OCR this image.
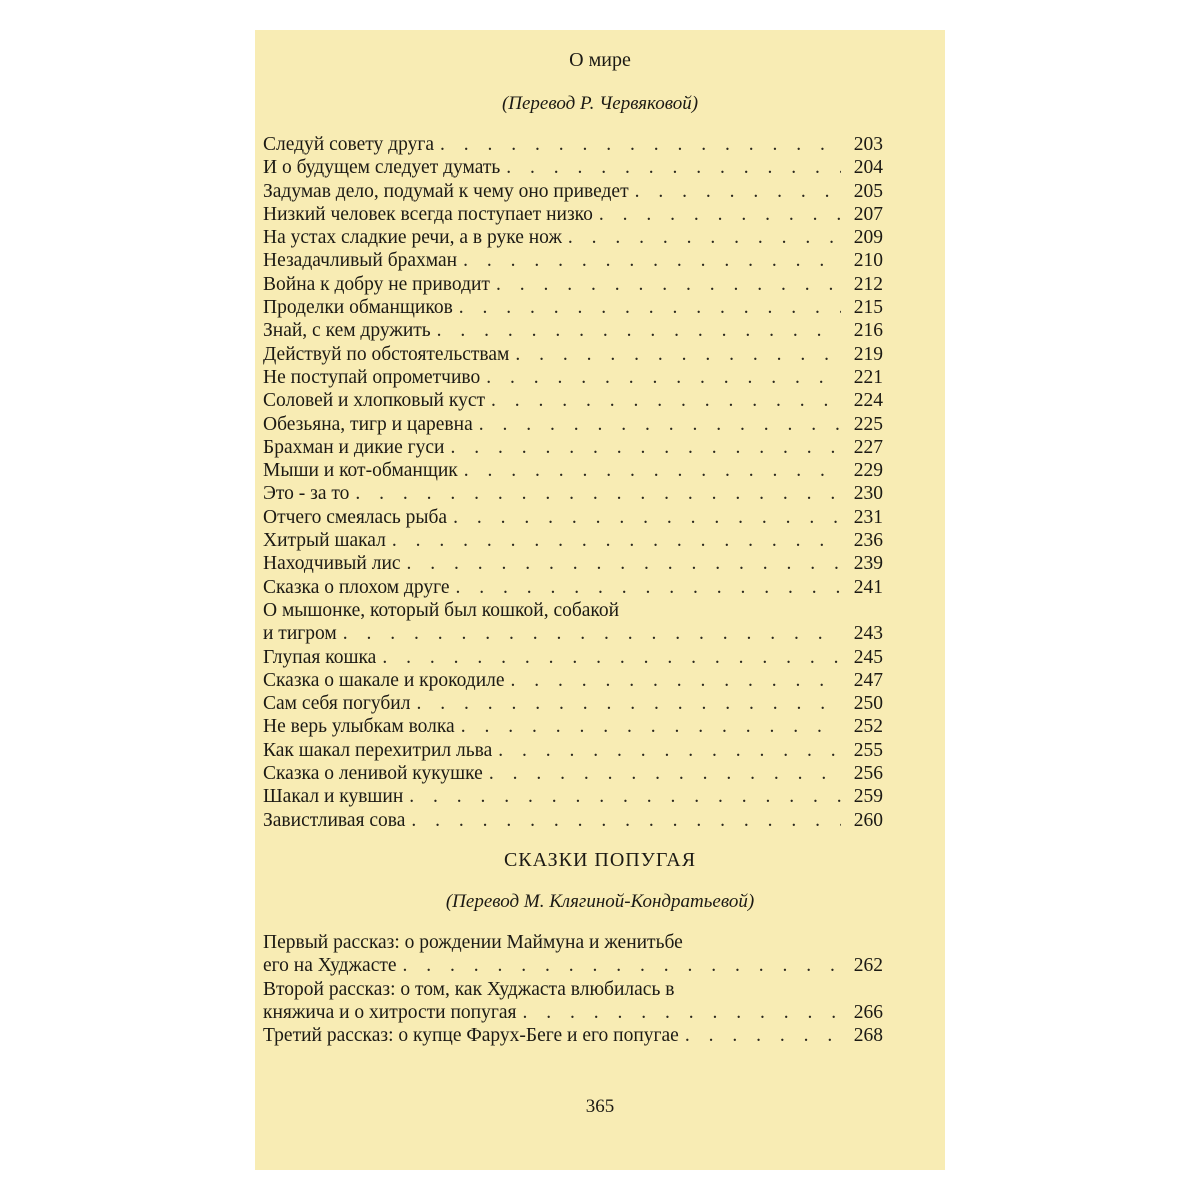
О мире
(Перевод Р. Червяковой)
Следуй совету друга . . .	203
И о будущем следует думать . . .	204
Задумав дело, подумай к чему оно приведет . . .	205
Низкий человек всегда поступает низко . . .	207
На устах сладкие речи, а в руке нож . . .	209
Незадачливый брахман . . .	210
Война к добру не приводит . . .	212
Проделки обманщиков . . .	215
Знай, с кем дружить . . .	216
Действуй по обстоятельствам . . .	219
Не поступай опрометчиво . . .	221
Соловей и хлопковый куст . . .	224
Обезьяна, тигр и царевна . . .	225
Брахман и дикие гуси . . .	227
Мыши и кот-обманщик . . .	229
Это - за то . . .	230
Отчего смеялась рыба . . .	231
Хитрый шакал . . .	236
Находчивый лис . . .	239
Сказка о плохом друге . . .	241
О мышонке, который был кошкой, собакой
и тигром . . .	243
Глупая кошка . . .	245
Сказка о шакале и крокодиле . . .	247
Сам себя погубил . . .	250
Не верь улыбкам волка . . .	252
Как шакал перехитрил льва . . .	255
Сказка о ленивой кукушке . . .	256
Шакал и кувшин . . .	259
Завистливая сова . . .	260
СКАЗКИ ПОПУГАЯ
(Перевод М. Клягиной-Кондратьевой)
Первый рассказ: о рождении Маймуна и женитьбе
его на Худжасте . . .	262
Второй рассказ: о том, как Худжаста влюбилась в
княжича и о хитрости попугая . . .	266
Третий рассказ: о купце Фарух-Беге и его попугае . . .	268
365
